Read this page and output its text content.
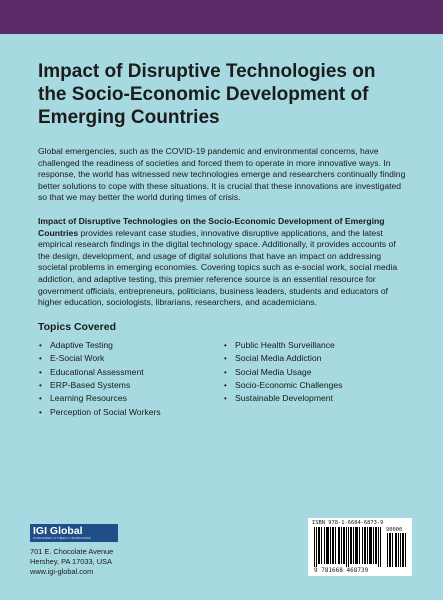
Impact of Disruptive Technologies on the Socio-Economic Development of Emerging Countries

Global emergencies, such as the COVID-19 pandemic and environmental concerns, have challenged the readiness of societies and forced them to operate in more innovative ways. In response, the world has witnessed new technologies emerge and researchers continually finding better solutions to cope with these situations. It is crucial that these innovations are investigated so that we may better the world during times of crisis.

Impact of Disruptive Technologies on the Socio-Economic Development of Emerging Countries provides relevant case studies, innovative disruptive applications, and the latest empirical research findings in the digital technology space. Additionally, it provides accounts of the design, development, and usage of digital solutions that have an impact on addressing societal problems in emerging economies. Covering topics such as e-social work, social media addiction, and adaptive testing, this premier reference source is an essential resource for government officials, entrepreneurs, politicians, business leaders, students and educators of higher education, sociologists, librarians, researchers, and academicians.

Topics Covered
• Adaptive Testing
• E-Social Work
• Educational Assessment
• ERP-Based Systems
• Learning Resources
• Perception of Social Workers
• Public Health Surveillance
• Social Media Addiction
• Social Media Usage
• Socio-Economic Challenges
• Sustainable Development
IGI Global
PUBLISHER of TIMELY KNOWLEDGE
701 E. Chocolate Avenue
Hershey, PA 17033, USA
www.igi-global.com
ISBN 978-1-6684-6873-9
90000
9 781668 468739
